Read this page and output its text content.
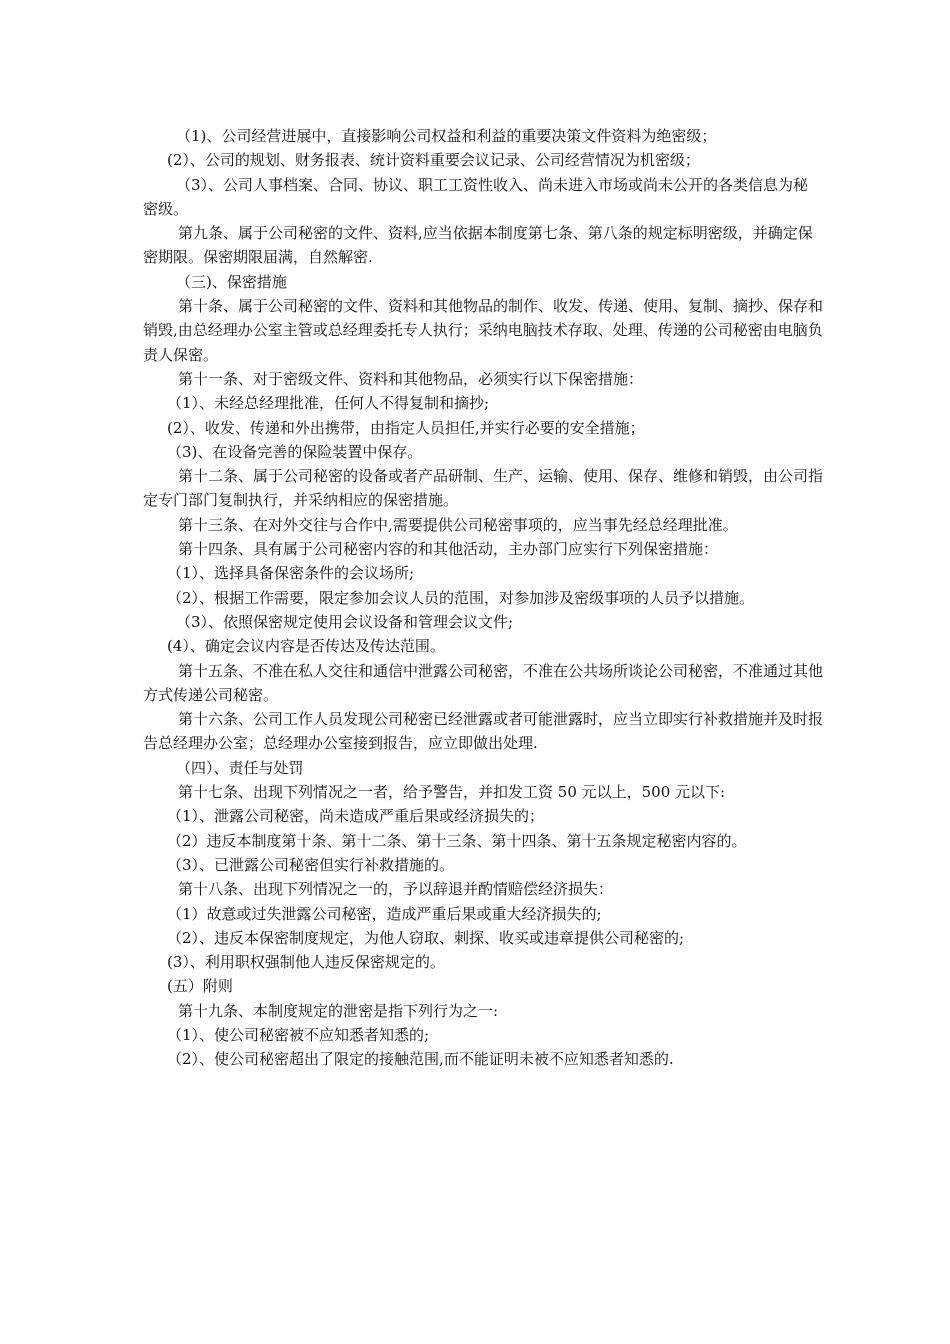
（1)、公司经营进展中，直接影响公司权益和利益的重要决策文件资料为绝密级；

(2）、公司的规划、财务报表、统计资料重要会议记录、公司经营情况为机密级；

（3）、公司人事档案、合同、协议、职工工资性收入、尚未进入市场或尚未公开的各类信息为秘密级。

第九条、属于公司秘密的文件、资料,应当依据本制度第七条、第八条的规定标明密级，并确定保密期限。保密期限届满，自然解密.

（三)、保密措施

第十条、属于公司秘密的文件、资料和其他物品的制作、收发、传递、使用、复制、摘抄、保存和销毁,由总经理办公室主管或总经理委托专人执行；采纳电脑技术存取、处理、传递的公司秘密由电脑负责人保密。

第十一条、对于密级文件、资料和其他物品，必须实行以下保密措施：

（1）、未经总经理批准，任何人不得复制和摘抄;

(2）、收发、传递和外出携带，由指定人员担任,并实行必要的安全措施；

（3)、在设备完善的保险装置中保存。

第十二条、属于公司秘密的设备或者产品研制、生产、运输、使用、保存、维修和销毁，由公司指定专门部门复制执行，并采纳相应的保密措施。

第十三条、在对外交往与合作中,需要提供公司秘密事项的，应当事先经总经理批准。

第十四条、具有属于公司秘密内容的和其他活动，主办部门应实行下列保密措施：

（1）、选择具备保密条件的会议场所;

（2）、根据工作需要，限定参加会议人员的范围，对参加涉及密级事项的人员予以措施。

（3）、依照保密规定使用会议设备和管理会议文件;

(4）、确定会议内容是否传达及传达范围。

第十五条、不准在私人交往和通信中泄露公司秘密，不准在公共场所谈论公司秘密，不准通过其他方式传递公司秘密。

第十六条、公司工作人员发现公司秘密已经泄露或者可能泄露时，应当立即实行补救措施并及时报告总经理办公室；总经理办公室接到报告，应立即做出处理.

（四）、责任与处罚

第十七条、出现下列情况之一者，给予警告，并扣发工资 50 元以上，500 元以下:

（1）、泄露公司秘密，尚未造成严重后果或经济损失的；

（2）违反本制度第十条、第十二条、第十三条、第十四条、第十五条规定秘密内容的。

（3）、已泄露公司秘密但实行补救措施的。

第十八条、出现下列情况之一的，予以辞退并酌情赔偿经济损失：

（1）故意或过失泄露公司秘密，造成严重后果或重大经济损失的;

（2）、违反本保密制度规定，为他人窃取、刺探、收买或违章提供公司秘密的;

(3）、利用职权强制他人违反保密规定的。

(五）附则

第十九条、本制度规定的泄密是指下列行为之一:

（1）、使公司秘密被不应知悉者知悉的;

（2）、使公司秘密超出了限定的接触范围,而不能证明未被不应知悉者知悉的.
